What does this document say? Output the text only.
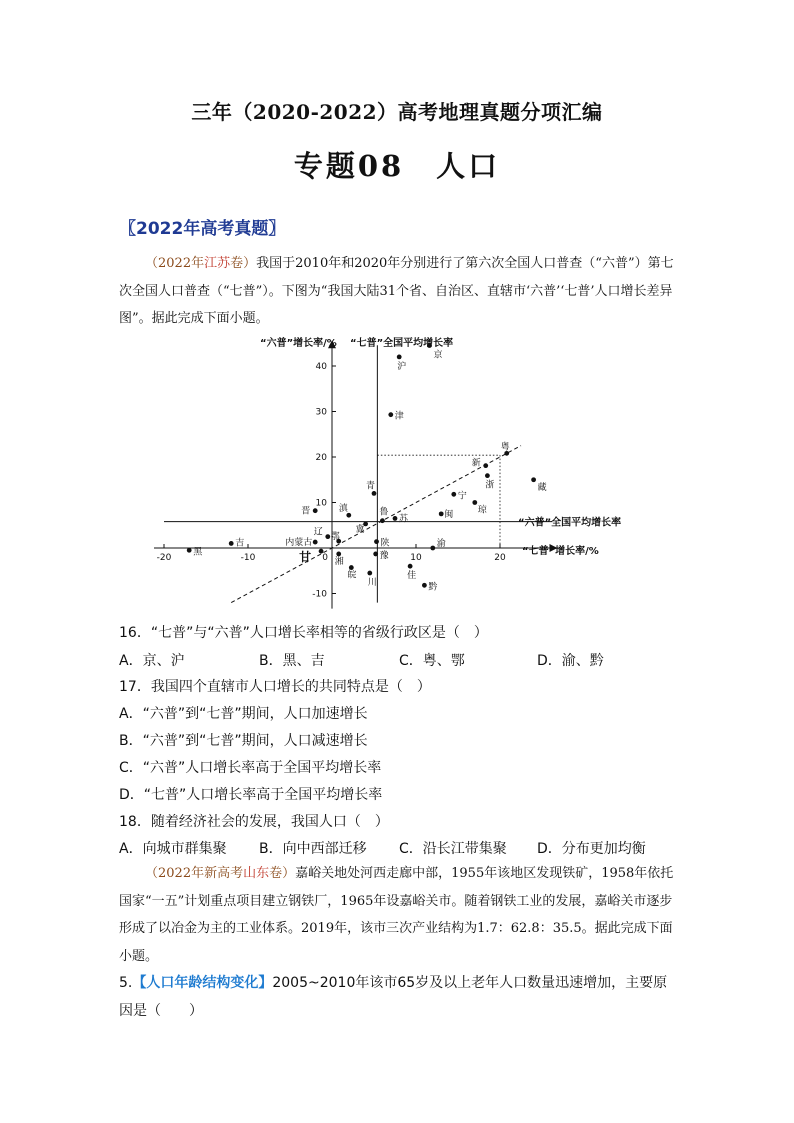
三年（2020-2022）高考地理真题分项汇编
专题08　人口
〖2022年高考真题〗
（2022年江苏卷）我国于2010年和2020年分别进行了第六次全国人口普查（“六普”）第七次全国人口普查（“七普”）。下图为“我国大陆31个省、自治区、直辖市‘六普’‘七普’人口增长差异图”。据此完成下面小题。
-20	-10	10	20
40
30
20
10
-10
0
“六普”增长率/% “七普”全国平均增长率
“六普”全国平均增长率
“七普”增长率/%
京
沪
津
粤
新
藏
浙
宁
琼
闽
青
晋	滇
黔
鲁
苏
冀
辽
内蒙古
鄂
陕	渝
湘
豫
皖
川
佳
吉
黑	甘
16．“七普”与“六普”人口增长率相等的省级行政区是（　）
A．京、沪	B．黑、吉	C．粤、鄂	D．渝、黔
17．我国四个直辖市人口增长的共同特点是（　）
A．“六普”到“七普”期间，人口加速增长
B．“六普”到“七普”期间，人口减速增长
C．“六普”人口增长率高于全国平均增长率
D．“七普”人口增长率高于全国平均增长率
18．随着经济社会的发展，我国人口（　）
A．向城市群集聚 B．向中西部迁移 C．沿长江带集聚 D．分布更加均衡
（2022年新高考山东卷）嘉峪关地处河西走廊中部，1955年该地区发现铁矿，1958年依托国家“一五”计划重点项目建立钢铁厂，1965年设嘉峪关市。随着钢铁工业的发展，嘉峪关市逐步形成了以冶金为主的工业体系。2019年，该市三次产业结构为1.7：62.8：35.5。据此完成下面小题。
5.【人口年龄结构变化】2005~2010年该市65岁及以上老年人口数量迅速增加，主要原因是（　　）
